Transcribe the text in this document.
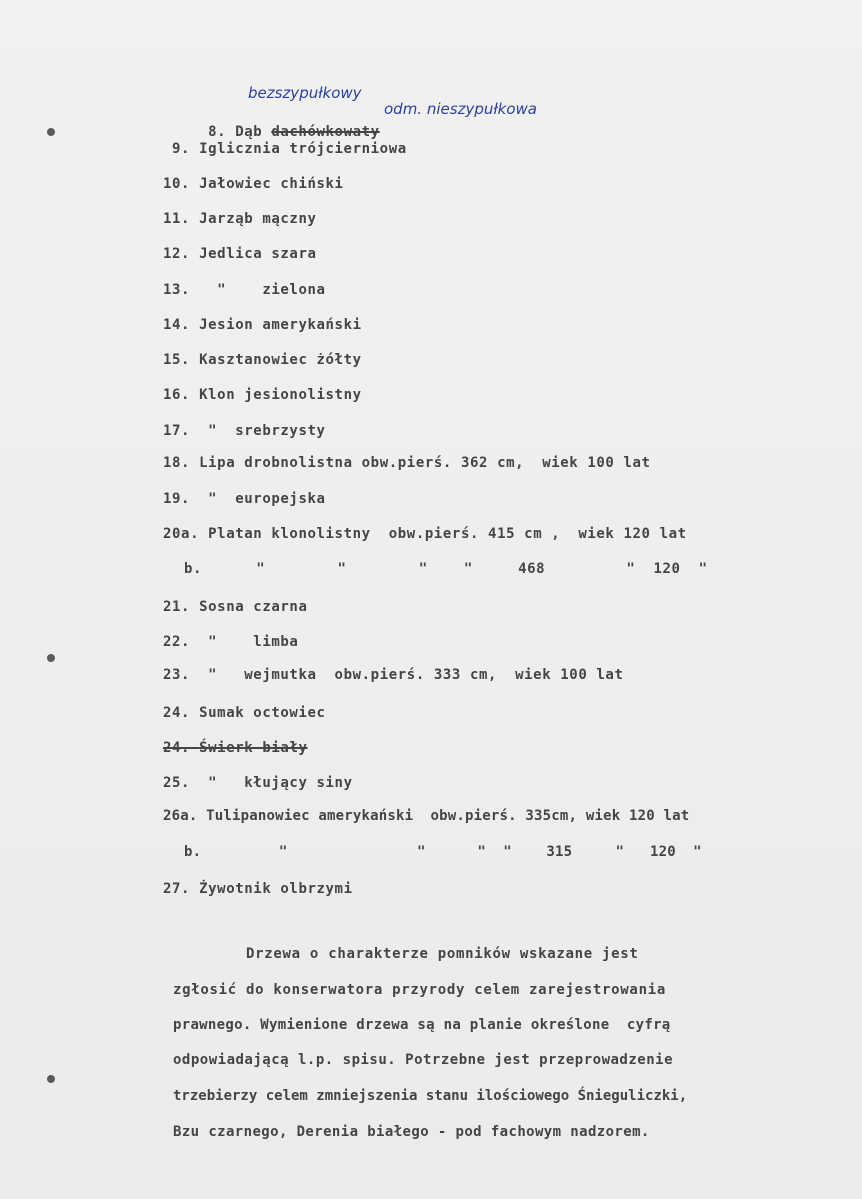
bezszypułkowy

8. Dąb dachówkowaty

odm. nieszypułkowa
9. Iglicznia trójcierniowa
10. Jałowiec chiński
11. Jarząb mączny
12. Jedlica szara
13.   "    zielona
14. Jesion amerykański
15. Kasztanowiec żółty
16. Klon jesionolistny
17.  "  srebrzysty
18. Lipa drobnolistna obw.pierś. 362 cm,  wiek 100 lat
19.  "  europejska
20a. Platan klonolistny  obw.pierś. 415 cm ,  wiek 120 lat
b.      "        "        "    "     468         "  120  "
21. Sosna czarna
22.  "    limba
23.  "   wejmutka  obw.pierś. 333 cm,  wiek 100 lat
24. Sumak octowiec
24. Świerk biały
25.  "   kłujący siny
26a. Tulipanowiec amerykański  obw.pierś. 335cm, wiek 120 lat
b.         "               "      "  "    315     "   120  "
27. Żywotnik olbrzymi
Drzewa o charakterze pomników wskazane jest
zgłosić do konserwatora przyrody celem zarejestrowania
prawnego. Wymienione drzewa są na planie określone  cyfrą
odpowiadającą l.p. spisu. Potrzebne jest przeprowadzenie
trzebierzy celem zmniejszenia stanu ilościowego Śnieguliczki,
Bzu czarnego, Derenia białego - pod fachowym nadzorem.
